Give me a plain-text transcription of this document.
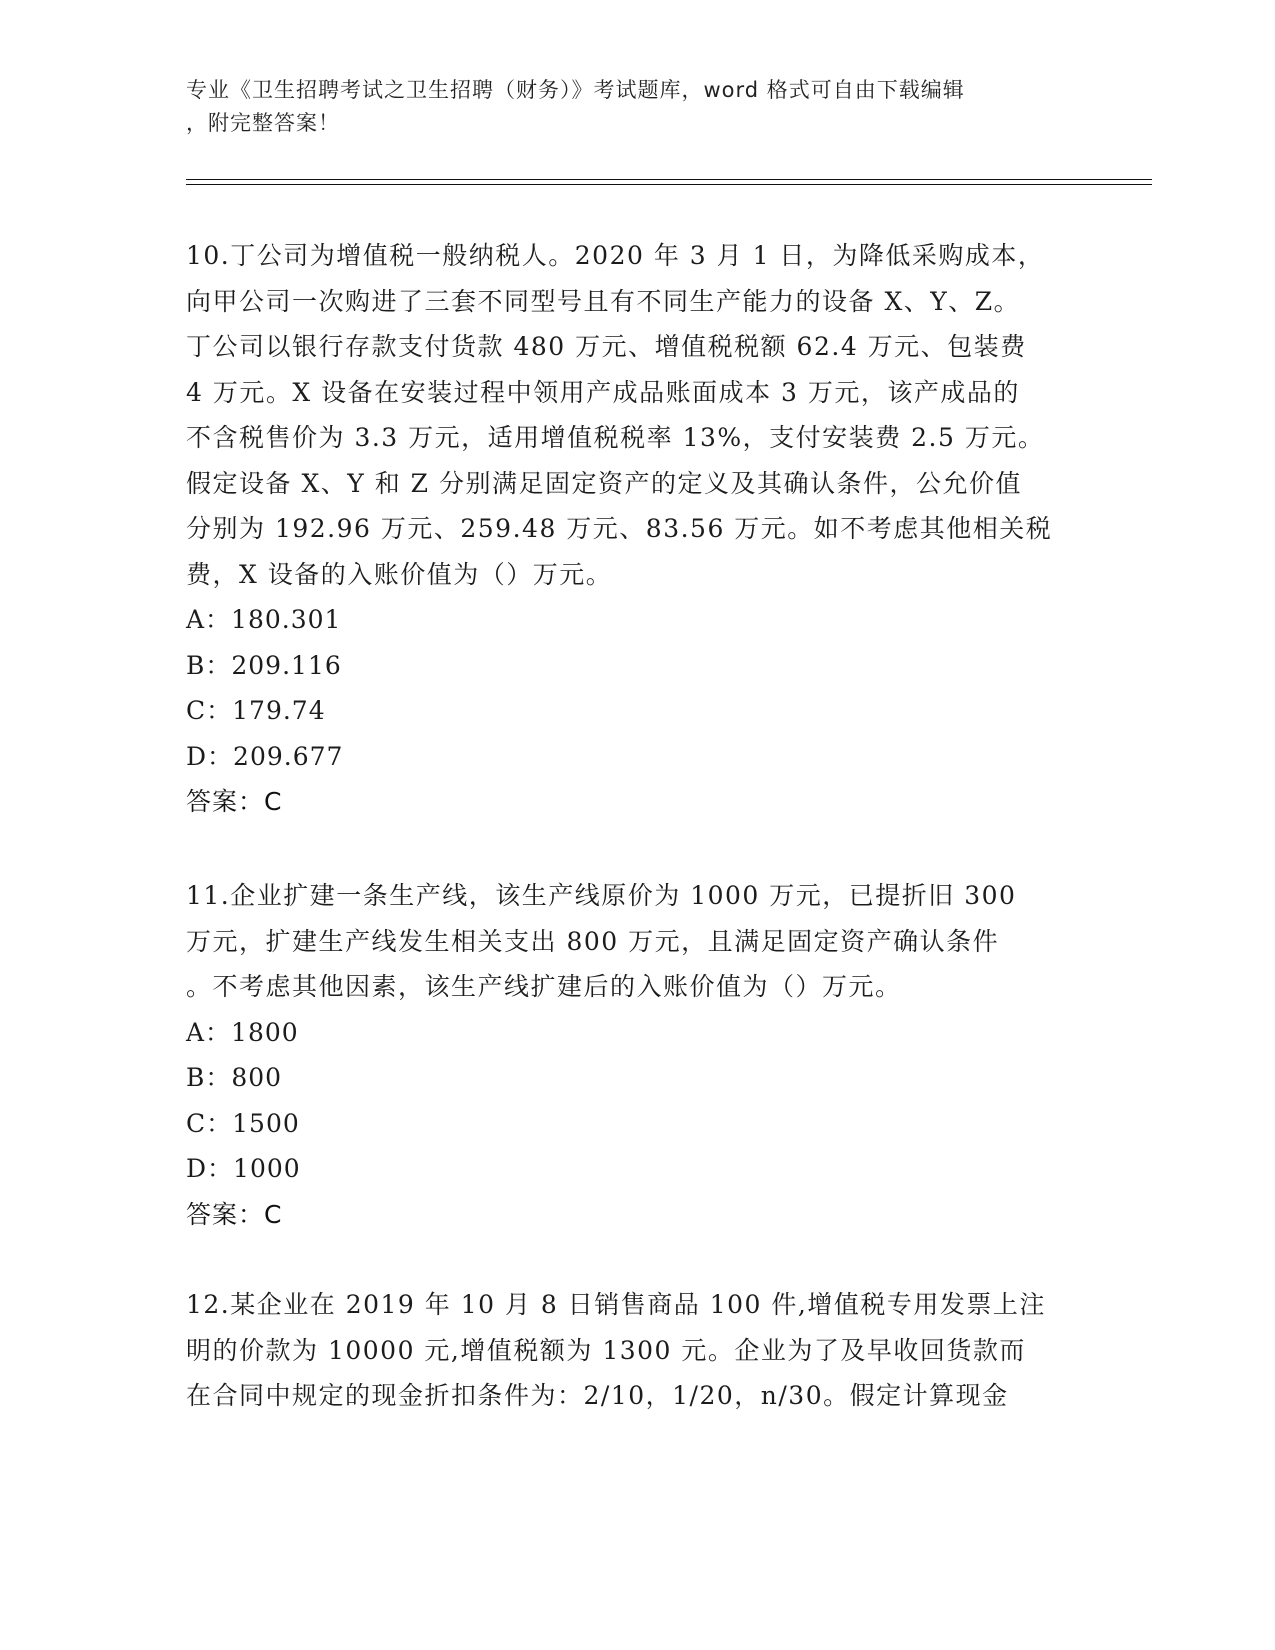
专业《卫生招聘考试之卫生招聘（财务）》考试题库，word 格式可自由下载编辑
，附完整答案！
10.丁公司为增值税一般纳税人。2020 年 3 月 1 日，为降低采购成本，
向甲公司一次购进了三套不同型号且有不同生产能力的设备 X、Y、Z。
丁公司以银行存款支付货款 480 万元、增值税税额 62.4 万元、包装费
4 万元。X 设备在安装过程中领用产成品账面成本 3 万元，该产成品的
不含税售价为 3.3 万元，适用增值税税率 13%，支付安装费 2.5 万元。
假定设备 X、Y 和 Z 分别满足固定资产的定义及其确认条件，公允价值
分别为 192.96 万元、259.48 万元、83.56 万元。如不考虑其他相关税
费，X 设备的入账价值为（）万元。
A：180.301
B：209.116
C：179.74
D：209.677
答案：C
11.企业扩建一条生产线，该生产线原价为 1000 万元，已提折旧 300
万元，扩建生产线发生相关支出 800 万元，且满足固定资产确认条件
。不考虑其他因素，该生产线扩建后的入账价值为（）万元。
A：1800
B：800
C：1500
D：1000
答案：C
12.某企业在 2019 年 10 月 8 日销售商品 100 件,增值税专用发票上注
明的价款为 10000 元,增值税额为 1300 元。企业为了及早收回货款而
在合同中规定的现金折扣条件为：2/10，1/20，n/30。假定计算现金
